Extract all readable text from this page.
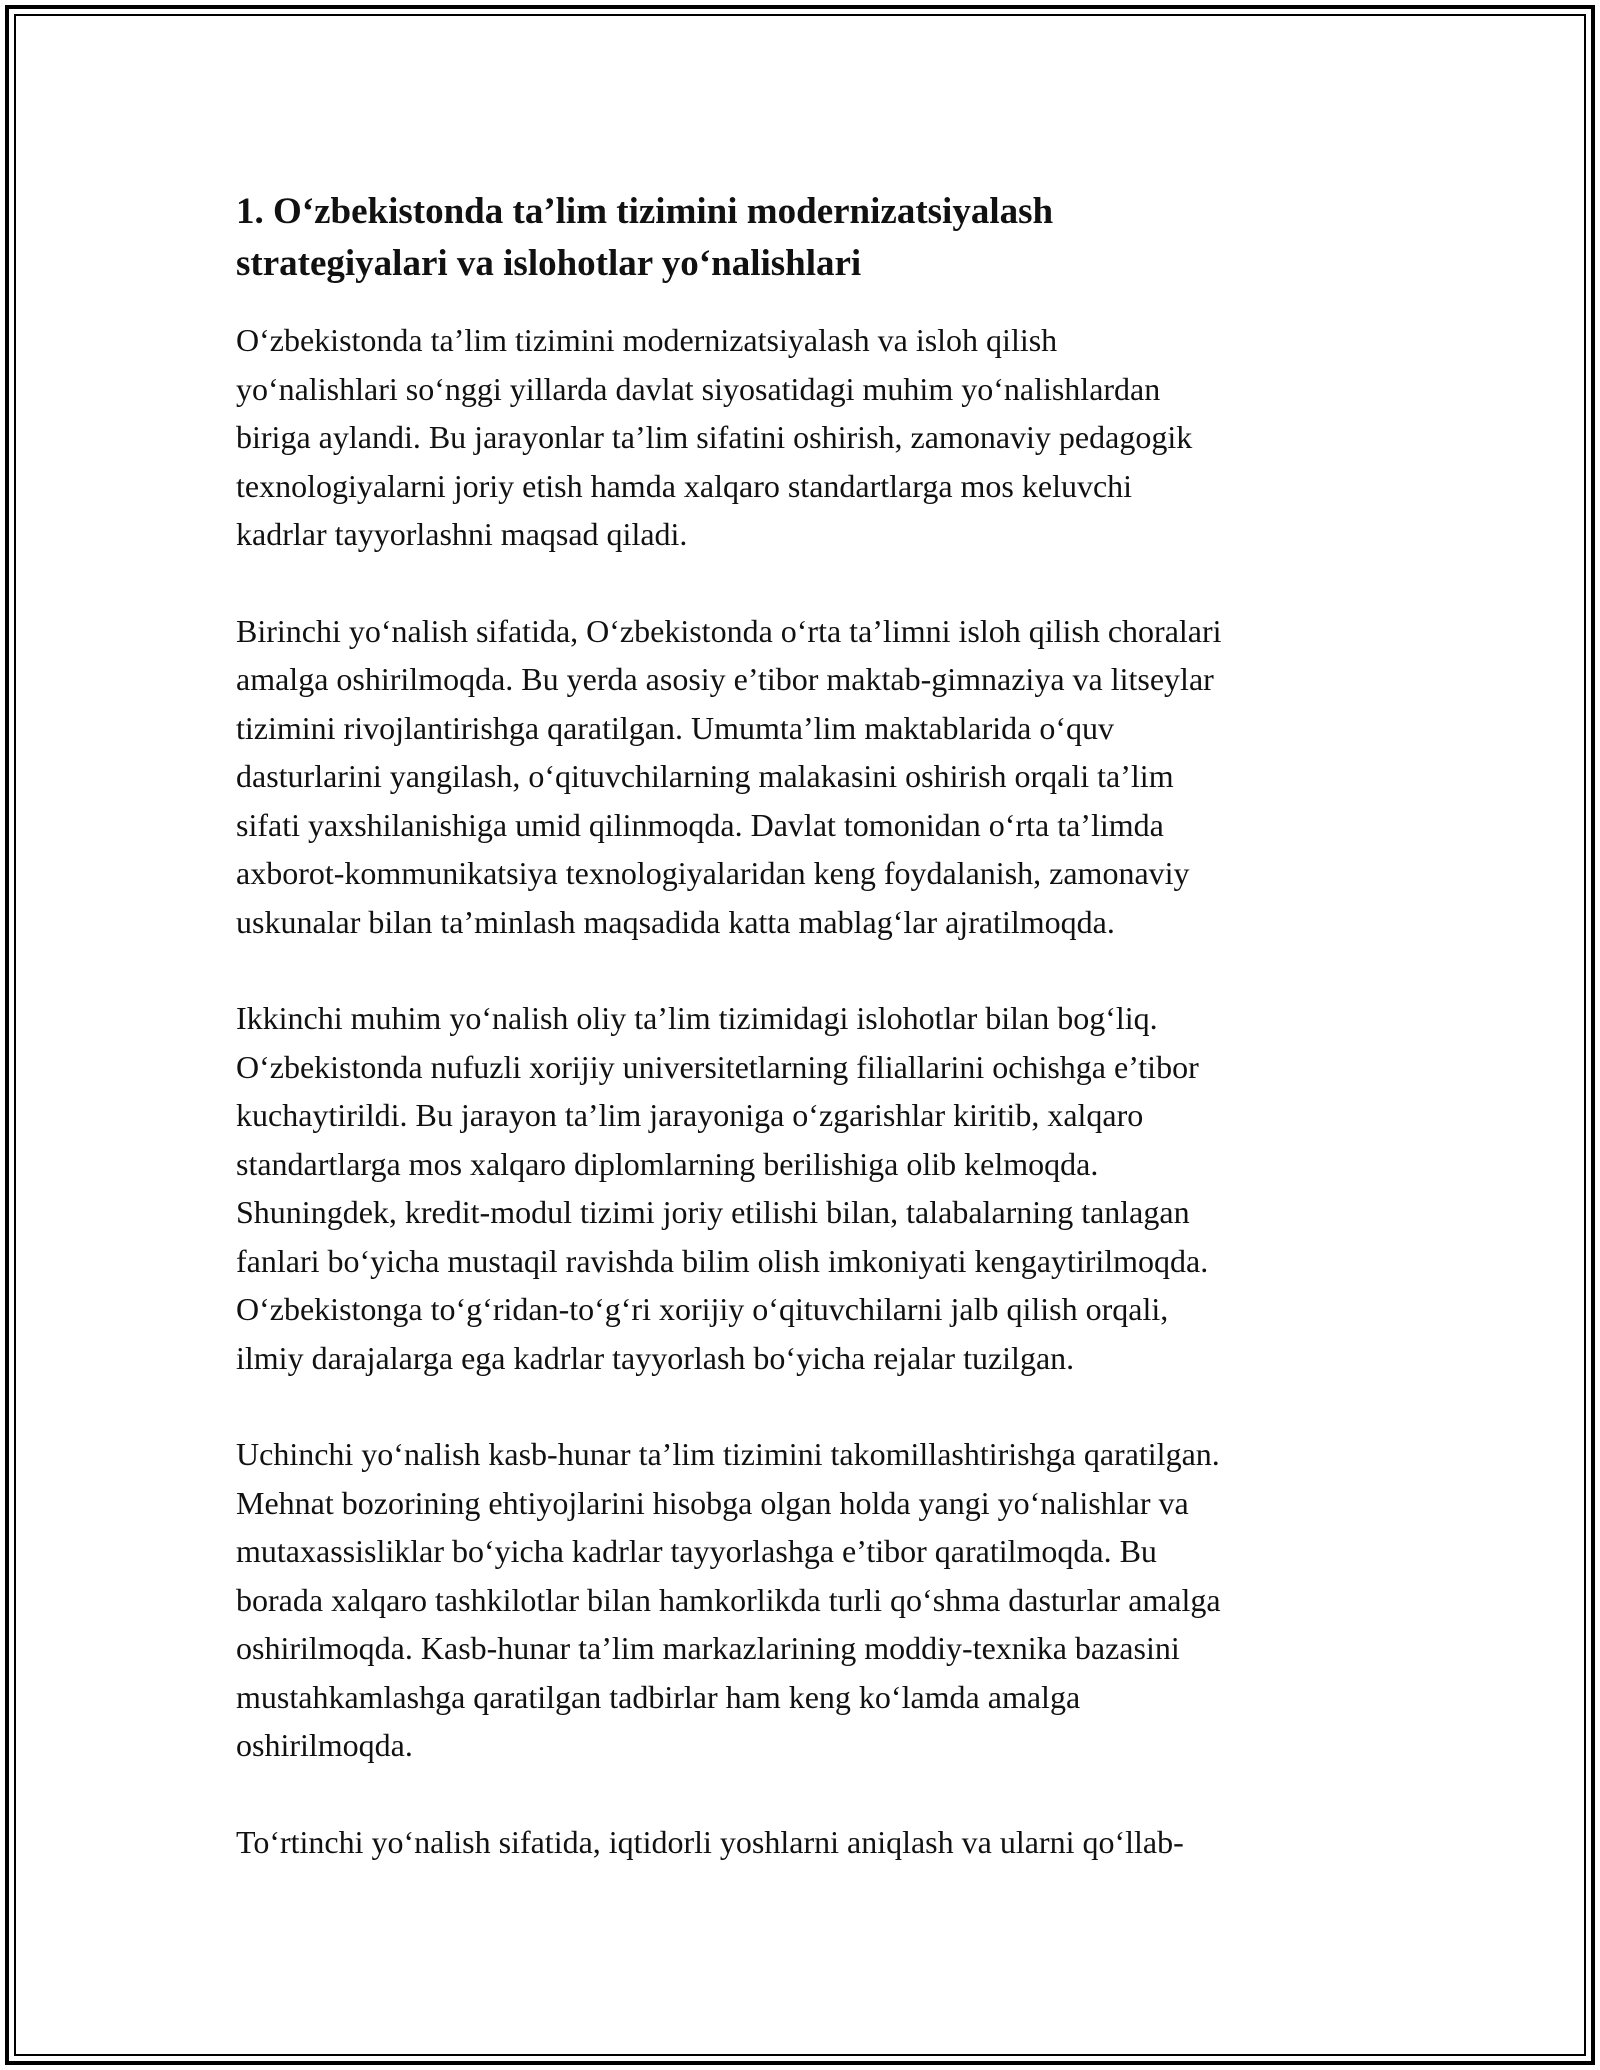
1. O‘zbekistonda ta’lim tizimini modernizatsiyalash
strategiyalari va islohotlar yo‘nalishlari

O‘zbekistonda ta’lim tizimini modernizatsiyalash va isloh qilish
yo‘nalishlari so‘nggi yillarda davlat siyosatidagi muhim yo‘nalishlardan
biriga aylandi. Bu jarayonlar ta’lim sifatini oshirish, zamonaviy pedagogik
texnologiyalarni joriy etish hamda xalqaro standartlarga mos keluvchi
kadrlar tayyorlashni maqsad qiladi.

Birinchi yo‘nalish sifatida, O‘zbekistonda o‘rta ta’limni isloh qilish choralari
amalga oshirilmoqda. Bu yerda asosiy e’tibor maktab-gimnaziya va litseylar
tizimini rivojlantirishga qaratilgan. Umumta’lim maktablarida o‘quv
dasturlarini yangilash, o‘qituvchilarning malakasini oshirish orqali ta’lim
sifati yaxshilanishiga umid qilinmoqda. Davlat tomonidan o‘rta ta’limda
axborot-kommunikatsiya texnologiyalaridan keng foydalanish, zamonaviy
uskunalar bilan ta’minlash maqsadida katta mablag‘lar ajratilmoqda.

Ikkinchi muhim yo‘nalish oliy ta’lim tizimidagi islohotlar bilan bog‘liq.
O‘zbekistonda nufuzli xorijiy universitetlarning filiallarini ochishga e’tibor
kuchaytirildi. Bu jarayon ta’lim jarayoniga o‘zgarishlar kiritib, xalqaro
standartlarga mos xalqaro diplomlarning berilishiga olib kelmoqda.
Shuningdek, kredit-modul tizimi joriy etilishi bilan, talabalarning tanlagan
fanlari bo‘yicha mustaqil ravishda bilim olish imkoniyati kengaytirilmoqda.
O‘zbekistonga to‘g‘ridan-to‘g‘ri xorijiy o‘qituvchilarni jalb qilish orqali,
ilmiy darajalarga ega kadrlar tayyorlash bo‘yicha rejalar tuzilgan.

Uchinchi yo‘nalish kasb-hunar ta’lim tizimini takomillashtirishga qaratilgan.
Mehnat bozorining ehtiyojlarini hisobga olgan holda yangi yo‘nalishlar va
mutaxassisliklar bo‘yicha kadrlar tayyorlashga e’tibor qaratilmoqda. Bu
borada xalqaro tashkilotlar bilan hamkorlikda turli qo‘shma dasturlar amalga
oshirilmoqda. Kasb-hunar ta’lim markazlarining moddiy-texnika bazasini
mustahkamlashga qaratilgan tadbirlar ham keng ko‘lamda amalga
oshirilmoqda.

To‘rtinchi yo‘nalish sifatida, iqtidorli yoshlarni aniqlash va ularni qo‘llab-
